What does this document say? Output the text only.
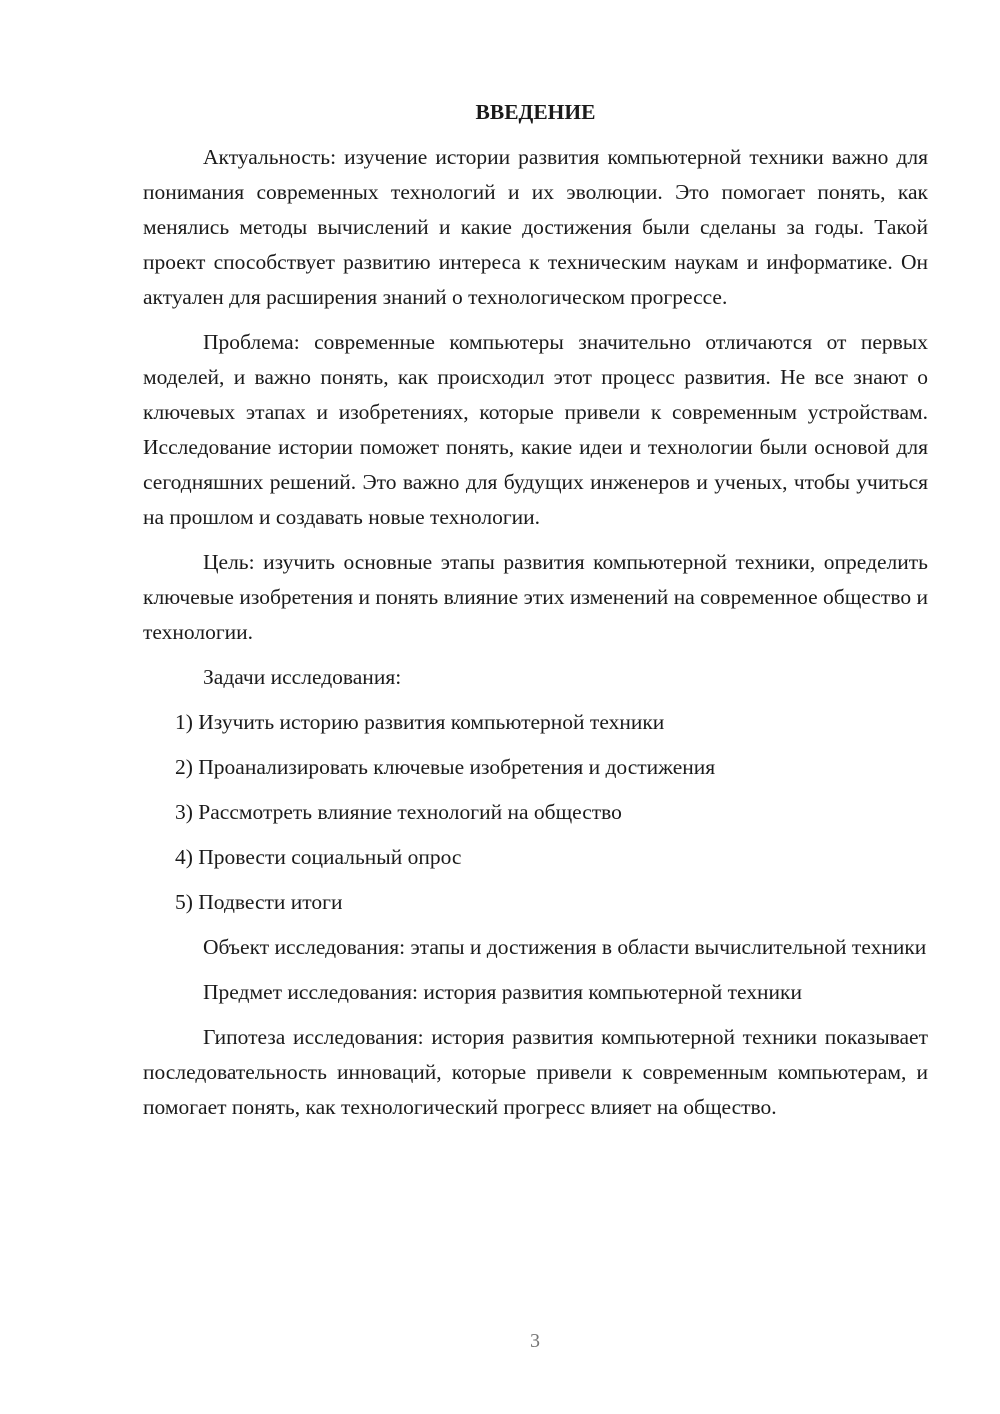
ВВЕДЕНИЕ

Актуальность: изучение истории развития компьютерной техники важно для понимания современных технологий и их эволюции. Это помогает понять, как менялись методы вычислений и какие достижения были сделаны за годы. Такой проект способствует развитию интереса к техническим наукам и информатике. Он актуален для расширения знаний о технологическом прогрессе.

Проблема: современные компьютеры значительно отличаются от первых моделей, и важно понять, как происходил этот процесс развития. Не все знают о ключевых этапах и изобретениях, которые привели к современным устройствам. Исследование истории поможет понять, какие идеи и технологии были основой для сегодняшних решений. Это важно для будущих инженеров и ученых, чтобы учиться на прошлом и создавать новые технологии.

Цель: изучить основные этапы развития компьютерной техники, определить ключевые изобретения и понять влияние этих изменений на современное общество и технологии.

Задачи исследования:

1) Изучить историю развития компьютерной техники
2) Проанализировать ключевые изобретения и достижения
3) Рассмотреть влияние технологий на общество
4) Провести социальный опрос
5) Подвести итоги

Объект исследования: этапы и достижения в области вычислительной техники

Предмет исследования: история развития компьютерной техники

Гипотеза исследования: история развития компьютерной техники показывает последовательность инноваций, которые привели к современным компьютерам, и помогает понять, как технологический прогресс влияет на общество.

3
